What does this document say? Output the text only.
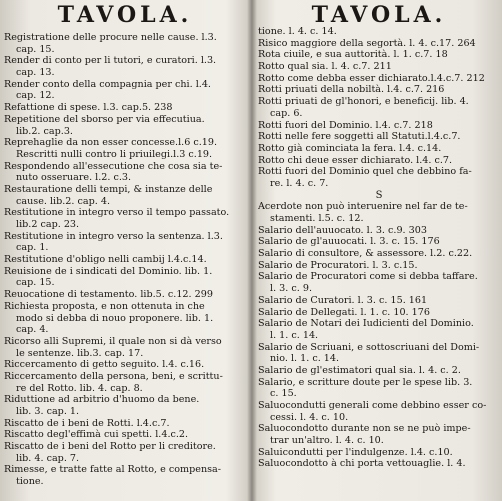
TAVOLA.
Registratione delle procure nelle cause. l.3.
cap. 15.
Render di conto per li tutori, e curatori. l.3.
cap. 13.
Render conto della compagnia per chi. l.4.
cap. 12.
Refattione di spese. l.3. cap.5. 238
Repetitione del sborso per via effecutiua.
lib.2. cap.3.
Reprehaglie da non esser concesse.l.6 c.19.
Rescritti nulli contro li priuilegi.l.3 c.19.
Respondendo all'essecutione che cosa sia te-
nuto osseruare. l.2. c.3.
Restauratione delli tempi, & instanze delle
cause. lib.2. cap. 4.
Restitutione in integro verso il tempo passato.
lib.2 cap. 23.
Restitutione in integro verso la sentenza. l.3.
cap. 1.
Restitutione d'obligo nelli cambij l.4.c.14.
Reuisione de i sindicati del Dominio. lib. 1.
cap. 15.
Reuocatione di testamento. lib.5. c.12. 299
Richiesta proposta, e non ottenuta in che
modo si debba di nouo proponere. lib. 1.
cap. 4.
Ricorso alli Supremi, il quale non si dà verso
le sentenze. lib.3. cap. 17.
Riccercamento di getto seguito. l.4. c.16.
Riccercamento della persona, beni, e scrittu-
re del Rotto. lib. 4. cap. 8.
Riduttione ad arbitrio d'huomo da bene.
lib. 3. cap. 1.
Riscatto de i beni de Rotti. l.4.c.7.
Riscatto degl'effimà cui spetti. l.4.c.2.
Riscatto de i beni del Rotto per li creditore.
lib. 4. cap. 7.
Rimesse, e tratte fatte al Rotto, e compensa-
tione.
TAVOLA.
tione. l. 4. c. 14.
Risico maggiore della segortà. l. 4. c.17. 264
Rota ciuile, e sua auttorità. l. 1. c.7. 18
Rotto qual sia. l. 4. c.7. 211
Rotto come debba esser dichiarato.l.4.c.7. 212
Rotti priuati della nobiltà. l.4. c.7. 216
Rotti priuati de gl'honori, e beneficij. lib. 4.
cap. 6.
Rotti fuori del Dominio. l.4. c.7. 218
Rotti nelle fere soggetti all Statuti.l.4.c.7.
Rotto già cominciata la fera. l.4. c.14.
Rotto chi deue esser dichiarato. l.4. c.7.
Rotti fuori del Dominio quel che debbino fa-
re. l. 4. c. 7.
S
Acerdote non può interuenire nel far de te-
stamenti. l.5. c. 12.
Salario dell'auuocato. l. 3. c.9. 303
Salario de gl'auuocati. l. 3. c. 15. 176
Salario di consultore, & assessore. l.2. c.22.
Salario de Procuratori. l. 3. c.15.
Salario de Procuratori come si debba taffare.
l. 3. c. 9.
Salario de Curatori. l. 3. c. 15. 161
Salario de Dellegati. l. 1. c. 10. 176
Salario de Notari dei Iudicienti del Dominio.
l. 1. c. 14.
Salario de Scriuani, e sottoscriuani del Domi-
nio. l. 1. c. 14.
Salario de gl'estimatori qual sia. l. 4. c. 2.
Salario, e scritture doute per le spese lib. 3.
c. 15.
Saluocondutti generali come debbino esser co-
cessi. l. 4. c. 10.
Saluocondotto durante non se ne può impe-
trar un'altro. l. 4. c. 10.
Saluicondutti per l'indulgenze. l.4. c.10.
Saluocondotto à chi porta vettouaglie. l. 4.
